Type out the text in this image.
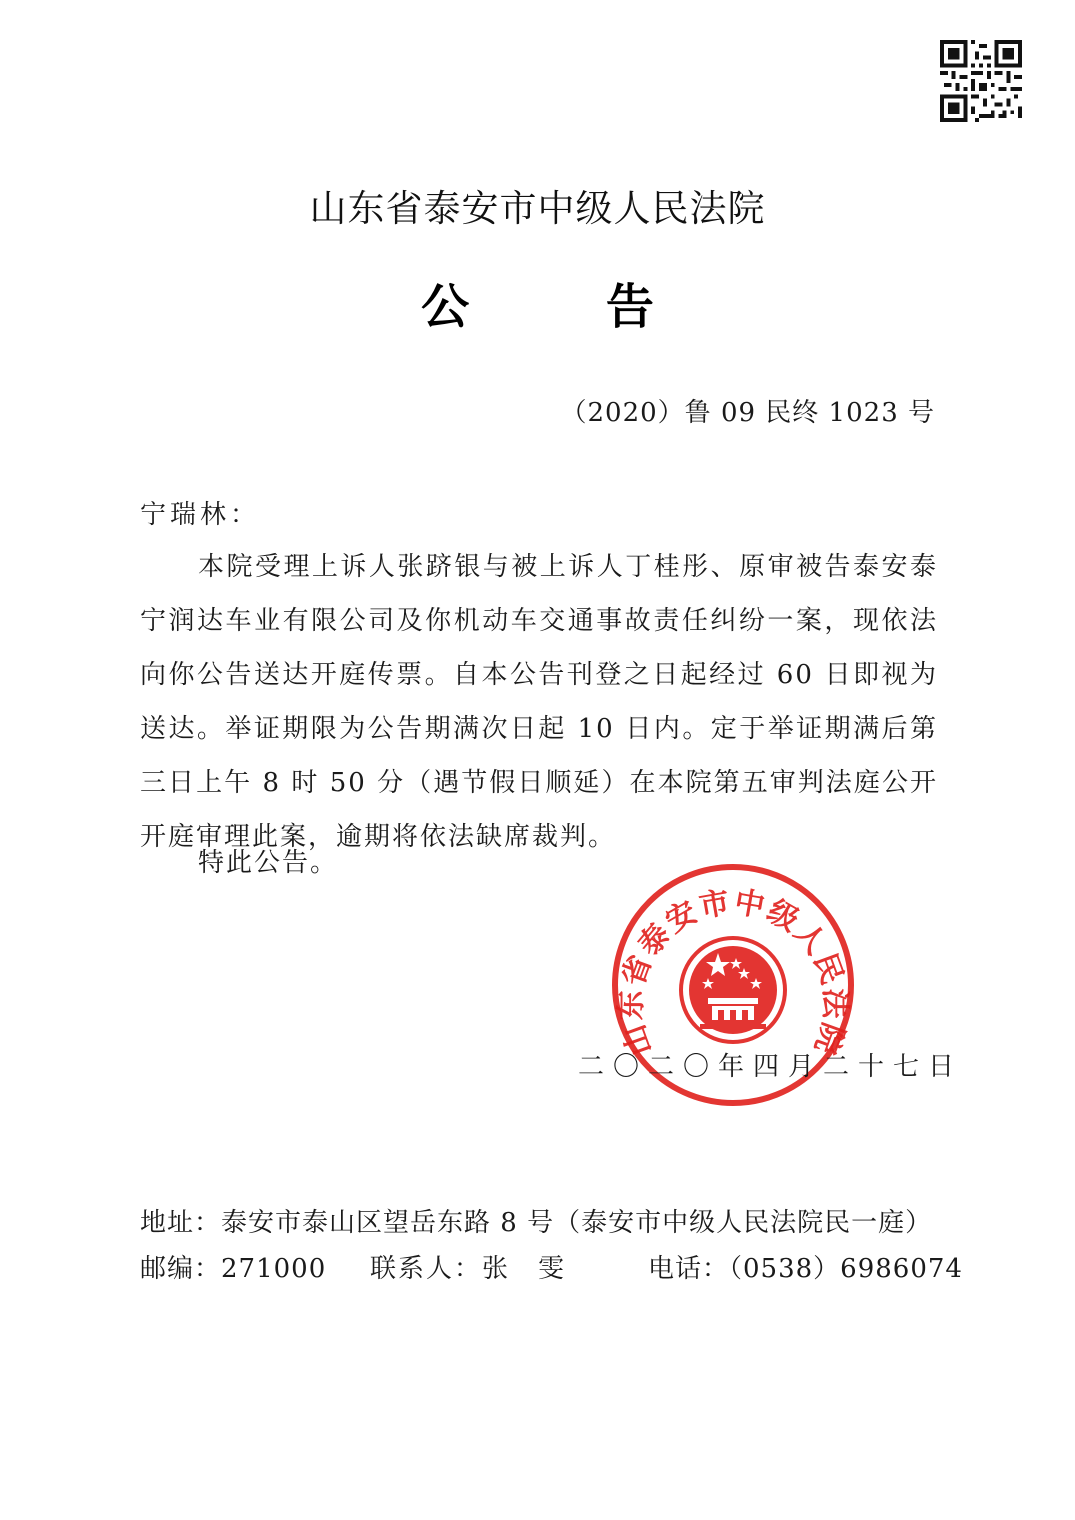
山东省泰安市中级人民法院
公 告
（2020）鲁 09 民终 1023 号
宁瑞林：

本院受理上诉人张跻银与被上诉人丁桂彤、原审被告泰安泰宁润达车业有限公司及你机动车交通事故责任纠纷一案，现依法向你公告送达开庭传票。自本公告刊登之日起经过 60 日即视为送达。举证期限为公告期满次日起 10 日内。定于举证期满后第三日上午 8 时 50 分（遇节假日顺延）在本院第五审判法庭公开开庭审理此案，逾期将依法缺席裁判。

特此公告。
山东省泰安市中级人民法院
二〇二〇年四月二十七日
地址：泰安市泰山区望岳东路 8 号（泰安市中级人民法院民一庭）
邮编：271000 联系人：张　雯	电话：（0538）6986074
